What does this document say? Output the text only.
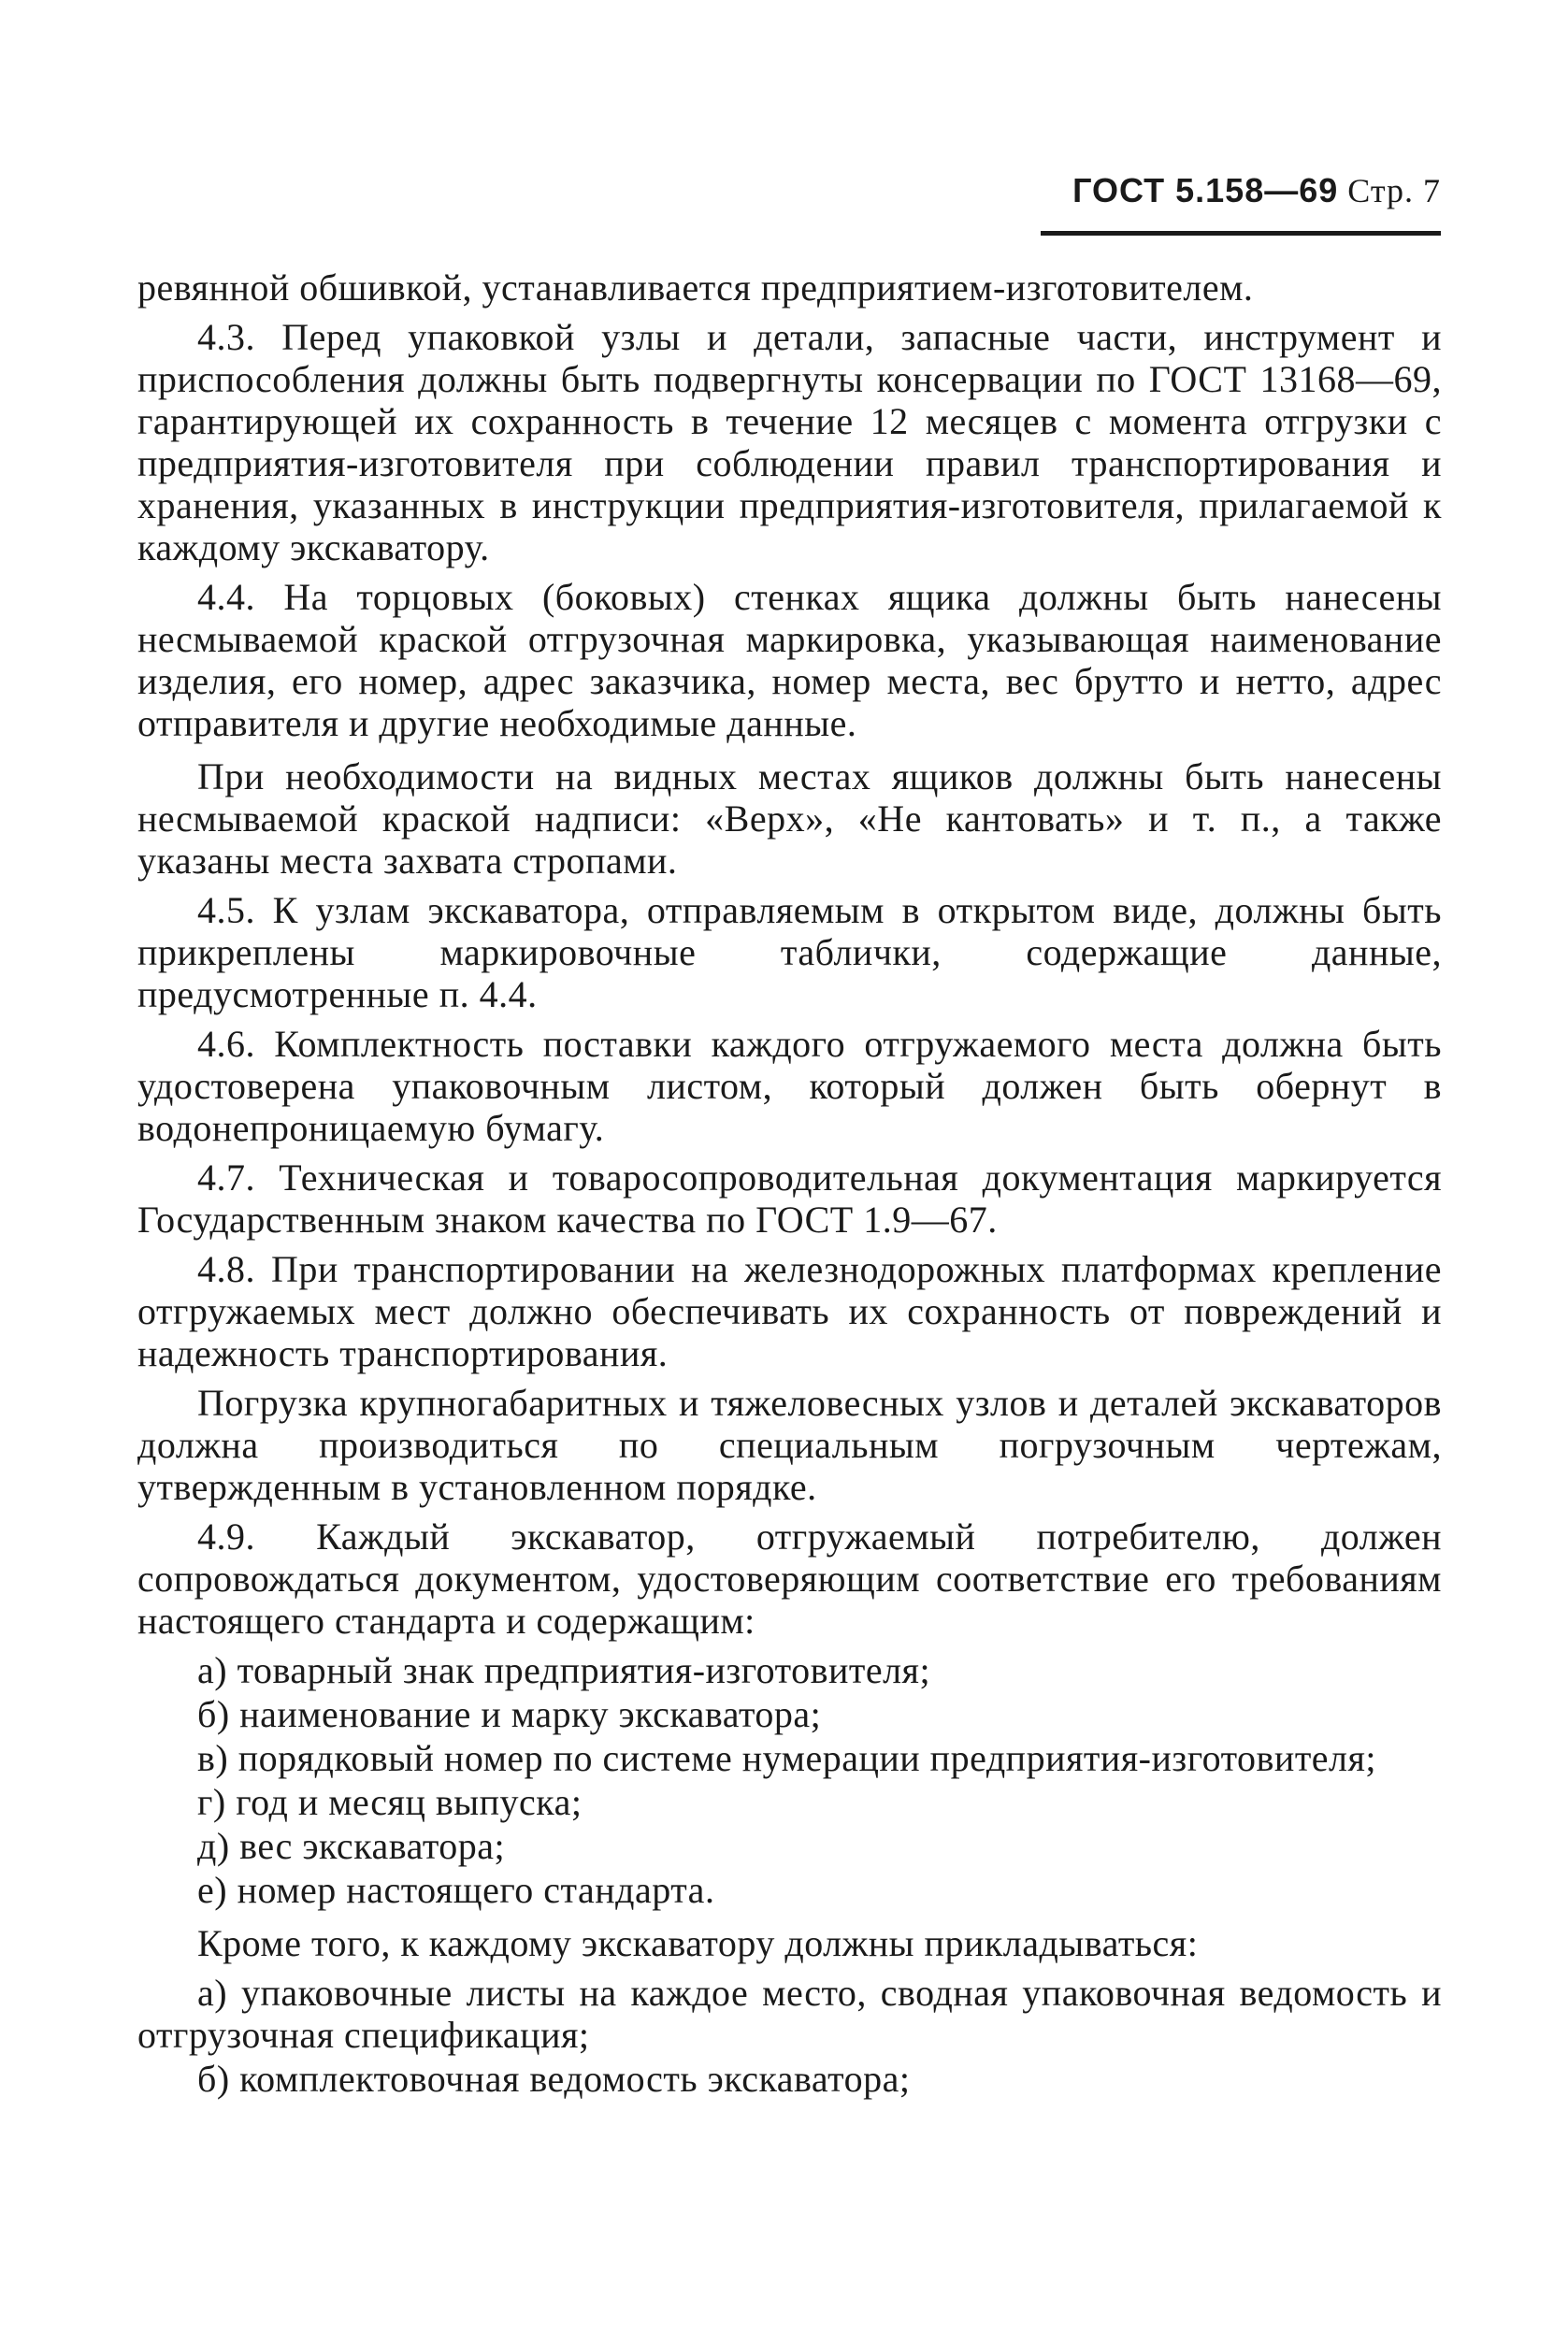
ГОСТ 5.158—69 Стр. 7

ревянной обшивкой, устанавливается предприятием-изготовителем.

4.3. Перед упаковкой узлы и детали, запасные части, инструмент и приспособления должны быть подвергнуты консервации по ГОСТ 13168—69, гарантирующей их сохранность в течение 12 месяцев с момента отгрузки с предприятия-изготовителя при соблюдении правил транспортирования и хранения, указанных в инструкции предприятия-изготовителя, прилагаемой к каждому экскаватору.

4.4. На торцовых (боковых) стенках ящика должны быть нанесены несмываемой краской отгрузочная маркировка, указывающая наименование изделия, его номер, адрес заказчика, номер места, вес брутто и нетто, адрес отправителя и другие необходимые данные.

При необходимости на видных местах ящиков должны быть нанесены несмываемой краской надписи: «Верх», «Не кантовать» и т. п., а также указаны места захвата стропами.

4.5. К узлам экскаватора, отправляемым в открытом виде, должны быть прикреплены маркировочные таблички, содержащие данные, предусмотренные п. 4.4.

4.6. Комплектность поставки каждого отгружаемого места должна быть удостоверена упаковочным листом, который должен быть обернут в водонепроницаемую бумагу.

4.7. Техническая и товаросопроводительная документация маркируется Государственным знаком качества по ГОСТ 1.9—67.

4.8. При транспортировании на железнодорожных платформах крепление отгружаемых мест должно обеспечивать их сохранность от повреждений и надежность транспортирования.

Погрузка крупногабаритных и тяжеловесных узлов и деталей экскаваторов должна производиться по специальным погрузочным чертежам, утвержденным в установленном порядке.

4.9. Каждый экскаватор, отгружаемый потребителю, должен сопровождаться документом, удостоверяющим соответствие его требованиям настоящего стандарта и содержащим:

а) товарный знак предприятия-изготовителя;

б) наименование и марку экскаватора;

в) порядковый номер по системе нумерации предприятия-изготовителя;

г) год и месяц выпуска;

д) вес экскаватора;

е) номер настоящего стандарта.

Кроме того, к каждому экскаватору должны прикладываться:

а) упаковочные листы на каждое место, сводная упаковочная ведомость и отгрузочная спецификация;

б) комплектовочная ведомость экскаватора;
